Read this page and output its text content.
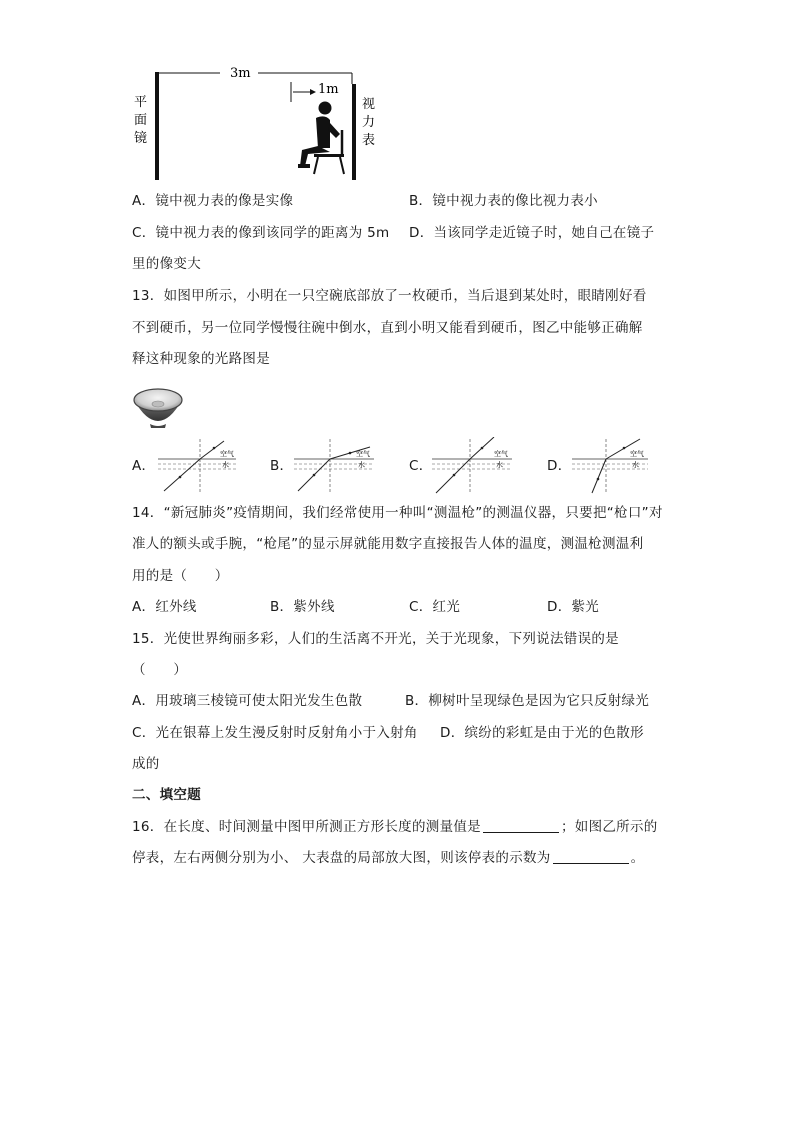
3m
1m
平
面
镜
视
力
表
A．镜中视力表的像是实像	B．镜中视力表的像比视力表小
C．镜中视力表的像到该同学的距离为 5m D．当该同学走近镜子时，她自己在镜子
里的像变大
13．如图甲所示，小明在一只空碗底部放了一枚硬币，当后退到某处时，眼睛刚好看
不到硬币，另一位同学慢慢往碗中倒水，直到小明又能看到硬币，图乙中能够正确解
释这种现象的光路图是
A．	B．	C．	D．
空气
水
空气
水
空气
水
空气
水
14．“新冠肺炎”疫情期间，我们经常使用一种叫“测温枪”的测温仪器，只要把“枪口”对
准人的额头或手腕，“枪尾”的显示屏就能用数字直接报告人体的温度，测温枪测温利
用的是（　　）
A．红外线	B．紫外线	C．红光	D．紫光
15．光使世界绚丽多彩，人们的生活离不开光，关于光现象，下列说法错误的是
（　　）
A．用玻璃三棱镜可使太阳光发生色散	B．柳树叶呈现绿色是因为它只反射绿光
C．光在银幕上发生漫反射时反射角小于入射角 D．缤纷的彩虹是由于光的色散形
成的
二、填空题
16．在长度、时间测量中图甲所测正方形长度的测量值是	；如图乙所示的
停表，左右两侧分别为小、 大表盘的局部放大图，则该停表的示数为	。
